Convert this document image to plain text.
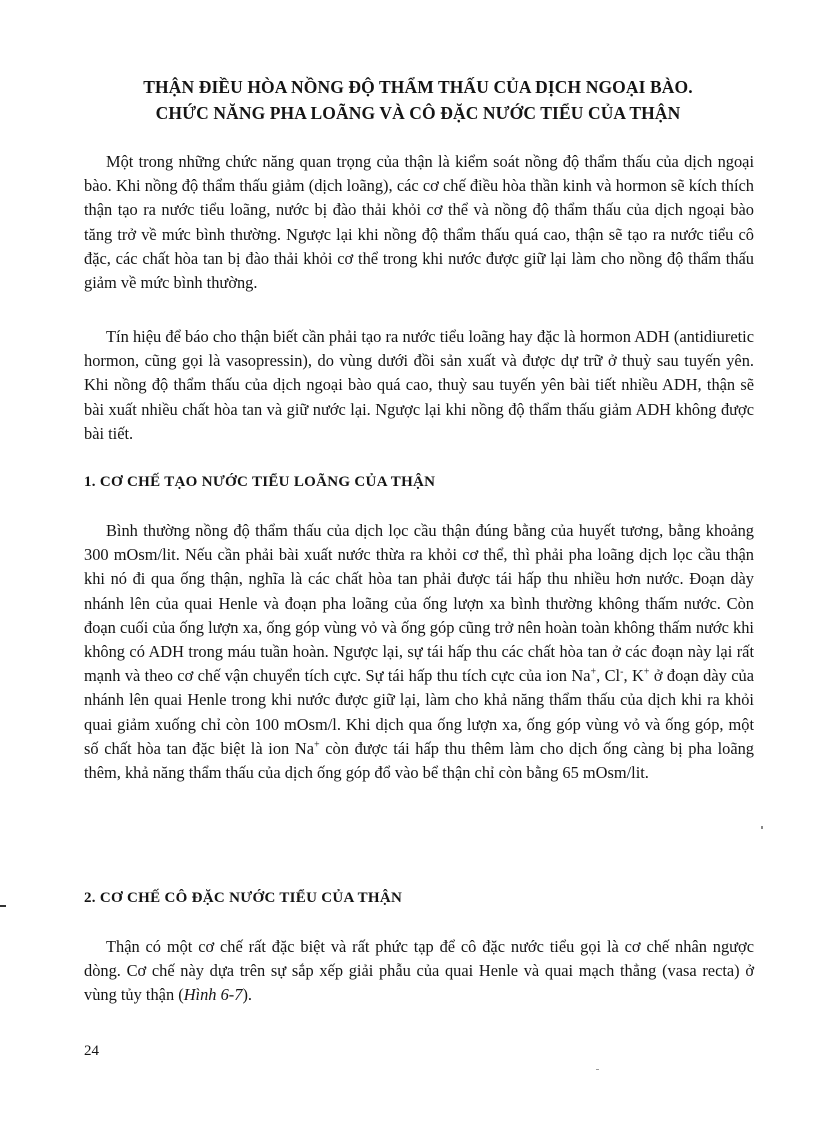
THẬN ĐIỀU HÒA NỒNG ĐỘ THẨM THẤU CỦA DỊCH NGOẠI BÀO.
CHỨC NĂNG PHA LOÃNG VÀ CÔ ĐẶC NƯỚC TIỂU CỦA THẬN

Một trong những chức năng quan trọng của thận là kiểm soát nồng độ thẩm thấu của dịch ngoại bào. Khi nồng độ thẩm thấu giảm (dịch loãng), các cơ chế điều hòa thần kinh và hormon sẽ kích thích thận tạo ra nước tiểu loãng, nước bị đào thải khỏi cơ thể và nồng độ thẩm thấu của dịch ngoại bào tăng trở về mức bình thường. Ngược lại khi nồng độ thẩm thấu quá cao, thận sẽ tạo ra nước tiểu cô đặc, các chất hòa tan bị đào thải khỏi cơ thể trong khi nước được giữ lại làm cho nồng độ thẩm thấu giảm về mức bình thường.

Tín hiệu để báo cho thận biết cần phải tạo ra nước tiểu loãng hay đặc là hormon ADH (antidiuretic hormon, cũng gọi là vasopressin), do vùng dưới đồi sản xuất và được dự trữ ở thuỳ sau tuyến yên. Khi nồng độ thẩm thấu của dịch ngoại bào quá cao, thuỳ sau tuyến yên bài tiết nhiều ADH, thận sẽ bài xuất nhiều chất hòa tan và giữ nước lại. Ngược lại khi nồng độ thẩm thấu giảm ADH không được bài tiết.

1. CƠ CHẾ TẠO NƯỚC TIỂU LOÃNG CỦA THẬN

Bình thường nồng độ thẩm thấu của dịch lọc cầu thận đúng bằng của huyết tương, bằng khoảng 300 mOsm/lit. Nếu cần phải bài xuất nước thừa ra khỏi cơ thể, thì phải pha loãng dịch lọc cầu thận khi nó đi qua ống thận, nghĩa là các chất hòa tan phải được tái hấp thu nhiều hơn nước. Đoạn dày nhánh lên của quai Henle và đoạn pha loãng của ống lượn xa bình thường không thấm nước. Còn đoạn cuối của ống lượn xa, ống góp vùng vỏ và ống góp cũng trở nên hoàn toàn không thấm nước khi không có ADH trong máu tuần hoàn. Ngược lại, sự tái hấp thu các chất hòa tan ở các đoạn này lại rất mạnh và theo cơ chế vận chuyển tích cực. Sự tái hấp thu tích cực của ion Na+, Cl-, K+ ở đoạn dày của nhánh lên quai Henle trong khi nước được giữ lại, làm cho khả năng thẩm thấu của dịch khi ra khỏi quai giảm xuống chỉ còn 100 mOsm/l. Khi dịch qua ống lượn xa, ống góp vùng vỏ và ống góp, một số chất hòa tan đặc biệt là ion Na+ còn được tái hấp thu thêm làm cho dịch ống càng bị pha loãng thêm, khả năng thẩm thấu của dịch ống góp đổ vào bể thận chỉ còn bằng 65 mOsm/lit.

2. CƠ CHẾ CÔ ĐẶC NƯỚC TIỂU CỦA THẬN

Thận có một cơ chế rất đặc biệt và rất phức tạp để cô đặc nước tiểu gọi là cơ chế nhân ngược dòng. Cơ chế này dựa trên sự sắp xếp giải phẫu của quai Henle và quai mạch thẳng (vasa recta) ở vùng tủy thận (Hình 6-7).

24
